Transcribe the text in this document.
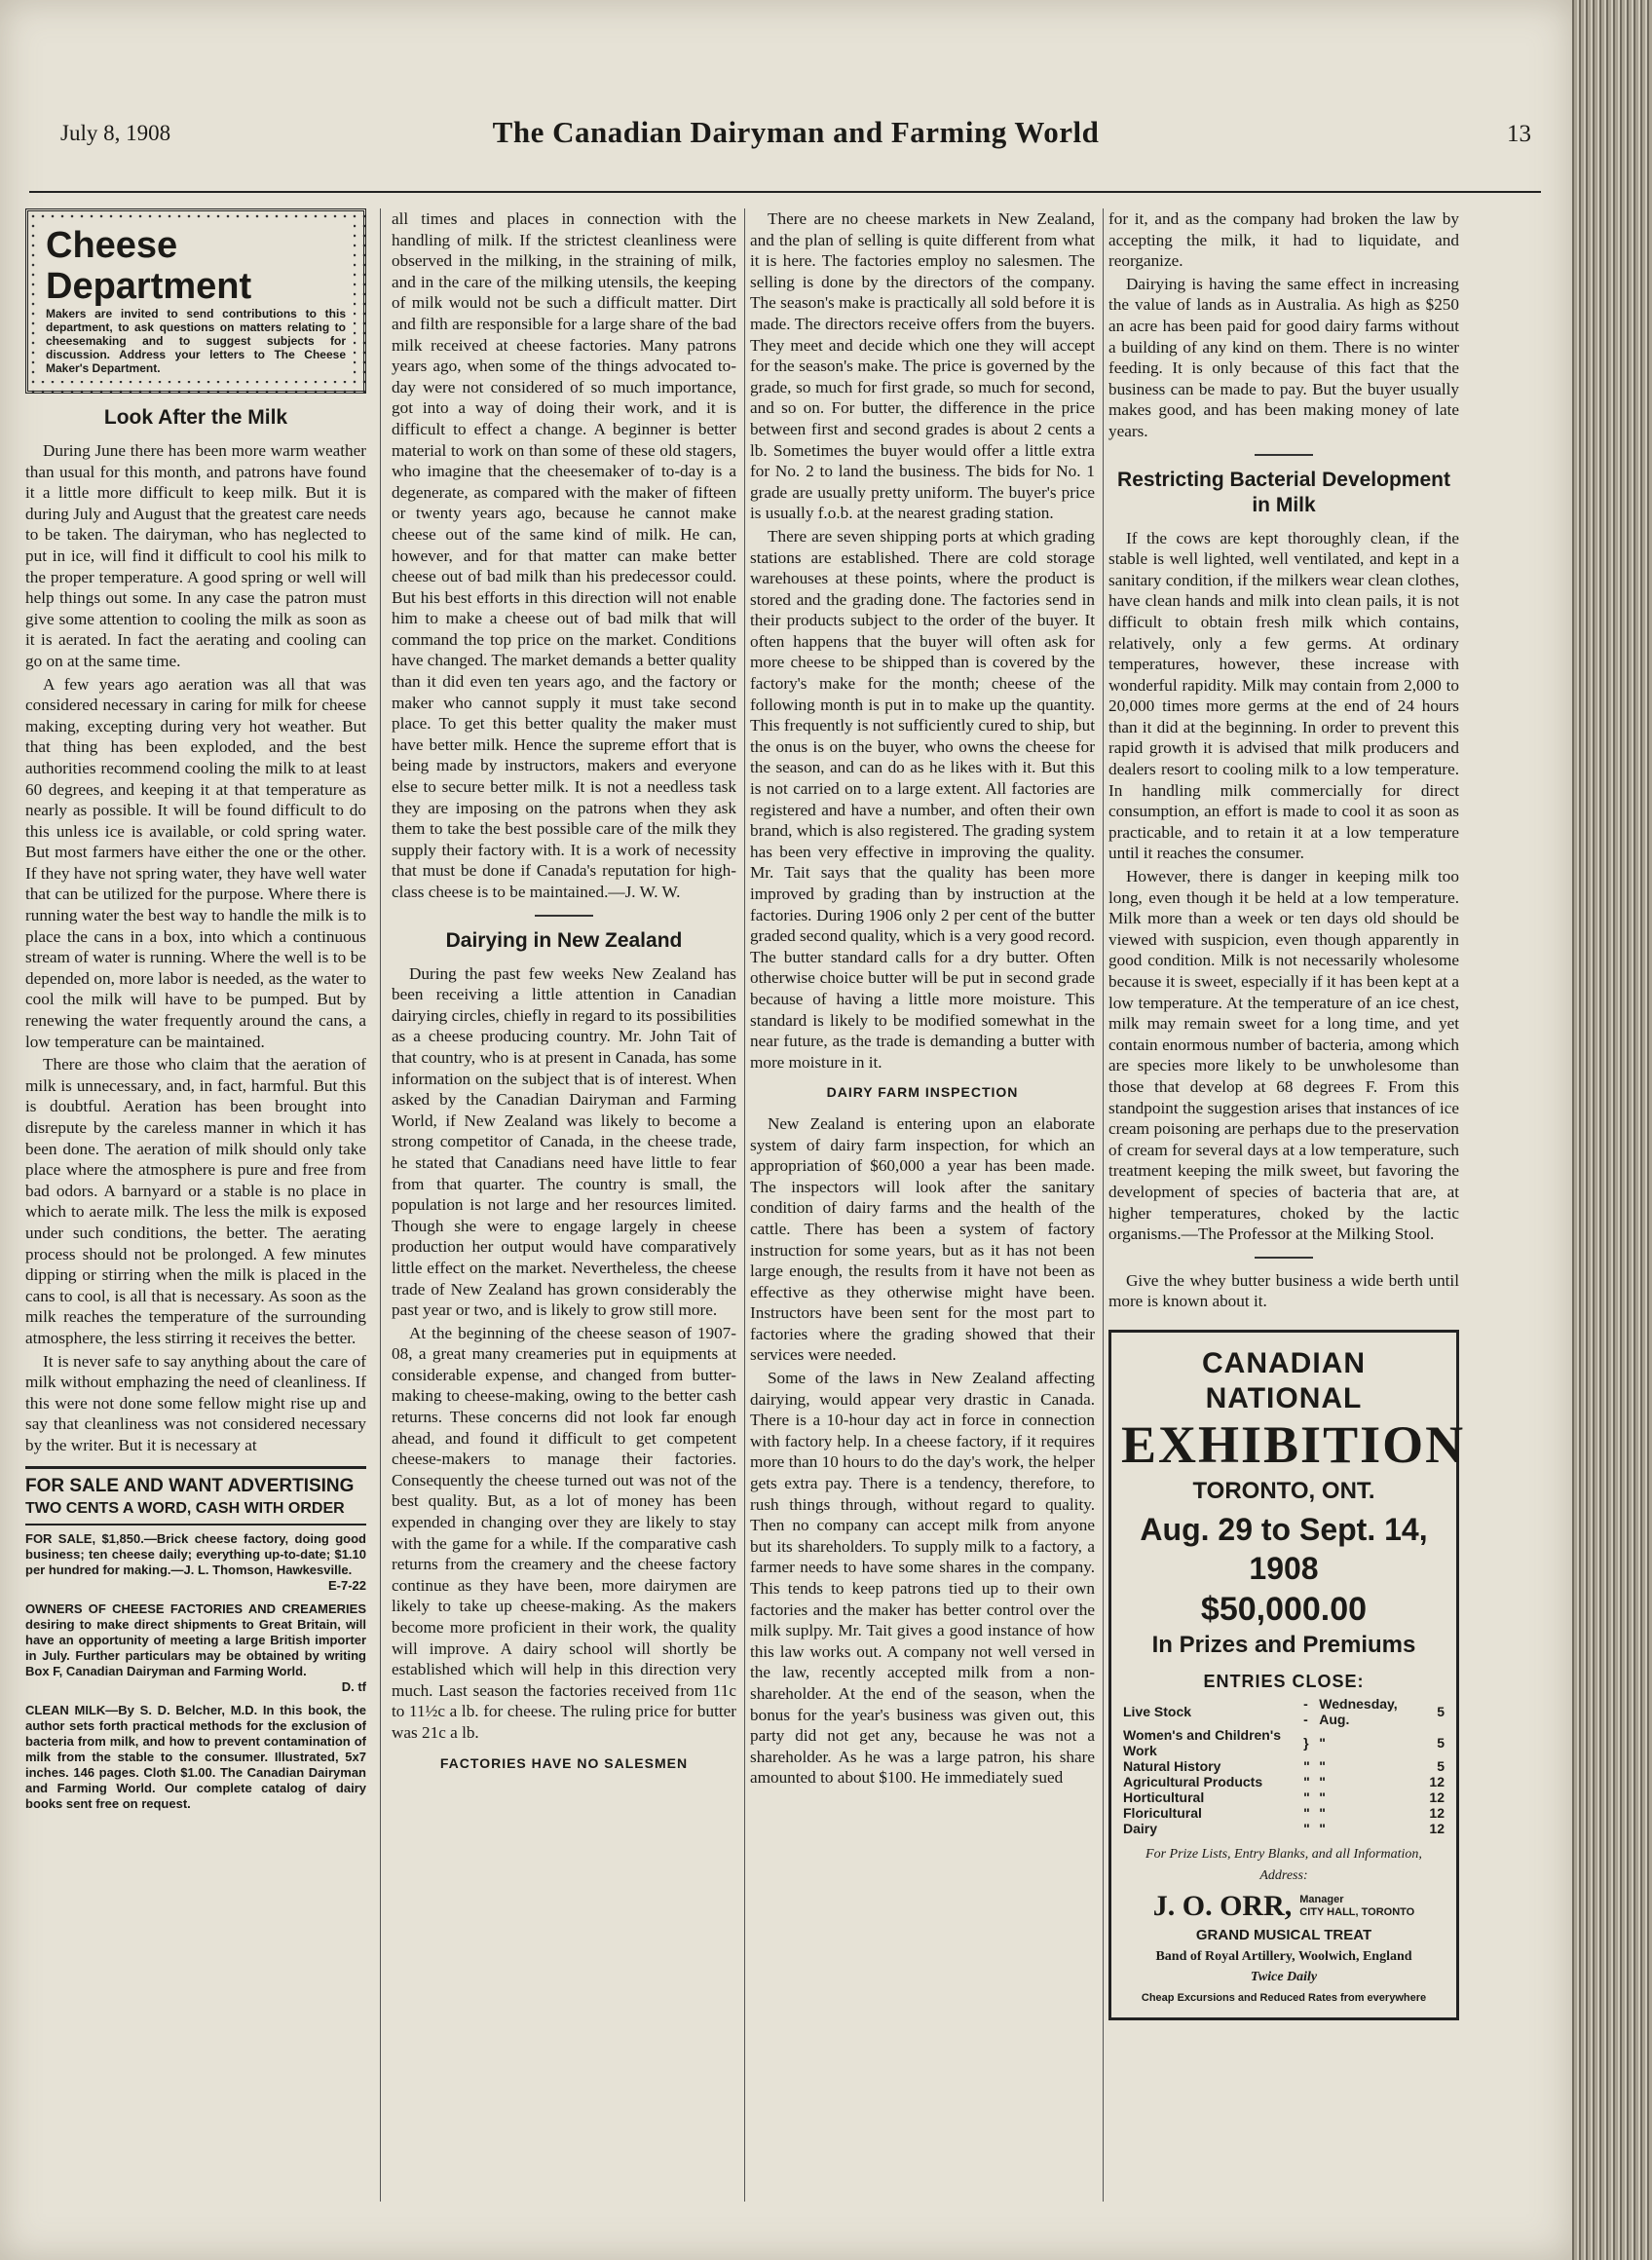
July 8, 1908	The Canadian Dairyman and Farming World	13
Cheese Department
Makers are invited to send contributions to this department, to ask questions on matters relating to cheesemaking and to suggest subjects for discussion. Address your letters to The Cheese Maker's Department.
Look After the Milk

During June there has been more warm weather than usual for this month, and patrons have found it a little more difficult to keep milk. But it is during July and August that the greatest care needs to be taken. The dairyman, who has neglected to put in ice, will find it difficult to cool his milk to the proper temperature. A good spring or well will help things out some. In any case the patron must give some attention to cooling the milk as soon as it is aerated. In fact the aerating and cooling can go on at the same time.

A few years ago aeration was all that was considered necessary in caring for milk for cheese making, excepting during very hot weather. But that thing has been exploded, and the best authorities recommend cooling the milk to at least 60 degrees, and keeping it at that temperature as nearly as possible. It will be found difficult to do this unless ice is available, or cold spring water. But most farmers have either the one or the other. If they have not spring water, they have well water that can be utilized for the purpose. Where there is running water the best way to handle the milk is to place the cans in a box, into which a continuous stream of water is running. Where the well is to be depended on, more labor is needed, as the water to cool the milk will have to be pumped. But by renewing the water frequently around the cans, a low temperature can be maintained.

There are those who claim that the aeration of milk is unnecessary, and, in fact, harmful. But this is doubtful. Aeration has been brought into disrepute by the careless manner in which it has been done. The aeration of milk should only take place where the atmosphere is pure and free from bad odors. A barnyard or a stable is no place in which to aerate milk. The less the milk is exposed under such conditions, the better. The aerating process should not be prolonged. A few minutes dipping or stirring when the milk is placed in the cans to cool, is all that is necessary. As soon as the milk reaches the temperature of the surrounding atmosphere, the less stirring it receives the better.

It is never safe to say anything about the care of milk without emphazing the need of cleanliness. If this were not done some fellow might rise up and say that cleanliness was not considered necessary by the writer. But it is necessary at

FOR SALE AND WANT ADVERTISING
TWO CENTS A WORD, CASH WITH ORDER
FOR SALE, $1,850.—Brick cheese factory, doing good business; ten cheese daily; everything up-to-date; $1.10 per hundred for making.—J. L. Thomson, Hawkesville.
E-7-22
OWNERS OF CHEESE FACTORIES AND CREAMERIES desiring to make direct shipments to Great Britain, will have an opportunity of meeting a large British importer in July. Further particulars may be obtained by writing Box F, Canadian Dairyman and Farming World.
D. tf
CLEAN MILK—By S. D. Belcher, M.D. In this book, the author sets forth practical methods for the exclusion of bacteria from milk, and how to prevent contamination of milk from the stable to the consumer. Illustrated, 5x7 inches. 146 pages. Cloth $1.00. The Canadian Dairyman and Farming World. Our complete catalog of dairy books sent free on request.

all times and places in connection with the handling of milk. If the strictest cleanliness were observed in the milking, in the straining of milk, and in the care of the milking utensils, the keeping of milk would not be such a difficult matter. Dirt and filth are responsible for a large share of the bad milk received at cheese factories. Many patrons years ago, when some of the things advocated to-day were not considered of so much importance, got into a way of doing their work, and it is difficult to effect a change. A beginner is better material to work on than some of these old stagers, who imagine that the cheesemaker of to-day is a degenerate, as compared with the maker of fifteen or twenty years ago, because he cannot make cheese out of the same kind of milk. He can, however, and for that matter can make better cheese out of bad milk than his predecessor could. But his best efforts in this direction will not enable him to make a cheese out of bad milk that will command the top price on the market. Conditions have changed. The market demands a better quality than it did even ten years ago, and the factory or maker who cannot supply it must take second place. To get this better quality the maker must have better milk. Hence the supreme effort that is being made by instructors, makers and everyone else to secure better milk. It is not a needless task they are imposing on the patrons when they ask them to take the best possible care of the milk they supply their factory with. It is a work of necessity that must be done if Canada's reputation for high-class cheese is to be maintained.—J. W. W.

Dairying in New Zealand

During the past few weeks New Zealand has been receiving a little attention in Canadian dairying circles, chiefly in regard to its possibilities as a cheese producing country. Mr. John Tait of that country, who is at present in Canada, has some information on the subject that is of interest. When asked by the Canadian Dairyman and Farming World, if New Zealand was likely to become a strong competitor of Canada, in the cheese trade, he stated that Canadians need have little to fear from that quarter. The country is small, the population is not large and her resources limited. Though she were to engage largely in cheese production her output would have comparatively little effect on the market. Nevertheless, the cheese trade of New Zealand has grown considerably the past year or two, and is likely to grow still more.

At the beginning of the cheese season of 1907-08, a great many creameries put in equipments at considerable expense, and changed from butter-making to cheese-making, owing to the better cash returns. These concerns did not look far enough ahead, and found it difficult to get competent cheese-makers to manage their factories. Consequently the cheese turned out was not of the best quality. But, as a lot of money has been expended in changing over they are likely to stay with the game for a while. If the comparative cash returns from the creamery and the cheese factory continue as they have been, more dairymen are likely to take up cheese-making. As the makers become more proficient in their work, the quality will improve. A dairy school will shortly be established which will help in this direction very much. Last season the factories received from 11c to 11½c a lb. for cheese. The ruling price for butter was 21c a lb.

FACTORIES HAVE NO SALESMEN

There are no cheese markets in New Zealand, and the plan of selling is quite different from what it is here. The factories employ no salesmen. The selling is done by the directors of the company. The season's make is practically all sold before it is made. The directors receive offers from the buyers. They meet and decide which one they will accept for the season's make. The price is governed by the grade, so much for first grade, so much for second, and so on. For butter, the difference in the price between first and second grades is about 2 cents a lb. Sometimes the buyer would offer a little extra for No. 2 to land the business. The bids for No. 1 grade are usually pretty uniform. The buyer's price is usually f.o.b. at the nearest grading station.

There are seven shipping ports at which grading stations are established. There are cold storage warehouses at these points, where the product is stored and the grading done. The factories send in their products subject to the order of the buyer. It often happens that the buyer will often ask for more cheese to be shipped than is covered by the factory's make for the month; cheese of the following month is put in to make up the quantity. This frequently is not sufficiently cured to ship, but the onus is on the buyer, who owns the cheese for the season, and can do as he likes with it. But this is not carried on to a large extent. All factories are registered and have a number, and often their own brand, which is also registered. The grading system has been very effective in improving the quality. Mr. Tait says that the quality has been more improved by grading than by instruction at the factories. During 1906 only 2 per cent of the butter graded second quality, which is a very good record. The butter standard calls for a dry butter. Often otherwise choice butter will be put in second grade because of having a little more moisture. This standard is likely to be modified somewhat in the near future, as the trade is demanding a butter with more moisture in it.

DAIRY FARM INSPECTION

New Zealand is entering upon an elaborate system of dairy farm inspection, for which an appropriation of $60,000 a year has been made. The inspectors will look after the sanitary condition of dairy farms and the health of the cattle. There has been a system of factory instruction for some years, but as it has not been large enough, the results from it have not been as effective as they otherwise might have been. Instructors have been sent for the most part to factories where the grading showed that their services were needed.

Some of the laws in New Zealand affecting dairying, would appear very drastic in Canada. There is a 10-hour day act in force in connection with factory help. In a cheese factory, if it requires more than 10 hours to do the day's work, the helper gets extra pay. There is a tendency, therefore, to rush things through, without regard to quality. Then no company can accept milk from anyone but its shareholders. To supply milk to a factory, a farmer needs to have some shares in the company. This tends to keep patrons tied up to their own factories and the maker has better control over the milk suplpy. Mr. Tait gives a good instance of how this law works out. A company not well versed in the law, recently accepted milk from a non-shareholder. At the end of the season, when the bonus for the year's business was given out, this party did not get any, because he was not a shareholder. As he was a large patron, his share amounted to about $100. He immediately sued

for it, and as the company had broken the law by accepting the milk, it had to liquidate, and reorganize.

Dairying is having the same effect in increasing the value of lands as in Australia. As high as $250 an acre has been paid for good dairy farms without a building of any kind on them. There is no winter feeding. It is only because of this fact that the business can be made to pay. But the buyer usually makes good, and has been making money of late years.

Restricting Bacterial Development in Milk

If the cows are kept thoroughly clean, if the stable is well lighted, well ventilated, and kept in a sanitary condition, if the milkers wear clean clothes, have clean hands and milk into clean pails, it is not difficult to obtain fresh milk which contains, relatively, only a few germs. At ordinary temperatures, however, these increase with wonderful rapidity. Milk may contain from 2,000 to 20,000 times more germs at the end of 24 hours than it did at the beginning. In order to prevent this rapid growth it is advised that milk producers and dealers resort to cooling milk to a low temperature. In handling milk commercially for direct consumption, an effort is made to cool it as soon as practicable, and to retain it at a low temperature until it reaches the consumer.

However, there is danger in keeping milk too long, even though it be held at a low temperature. Milk more than a week or ten days old should be viewed with suspicion, even though apparently in good condition. Milk is not necessarily wholesome because it is sweet, especially if it has been kept at a low temperature. At the temperature of an ice chest, milk may remain sweet for a long time, and yet contain enormous number of bacteria, among which are species more likely to be unwholesome than those that develop at 68 degrees F. From this standpoint the suggestion arises that instances of ice cream poisoning are perhaps due to the preservation of cream for several days at a low temperature, such treatment keeping the milk sweet, but favoring the development of species of bacteria that are, at higher temperatures, choked by the lactic organisms.—The Professor at the Milking Stool.

Give the whey butter business a wide berth until more is known about it.

CANADIAN NATIONAL
EXHIBITION
TORONTO, ONT.
Aug. 29 to Sept. 14, 1908
$50,000.00
In Prizes and Premiums
ENTRIES CLOSE:
Live Stock	- -	Wednesday, Aug.	5
Women's and Children's Work	}	"	5
Natural History	"	"	5
Agricultural Products	"	"	12
Horticultural	"	"	12
Floricultural	"	"	12
Dairy	"	"	12
For Prize Lists, Entry Blanks, and all Information, Address:
J. O. ORR, Manager
CITY HALL, TORONTO
GRAND MUSICAL TREAT
Band of Royal Artillery, Woolwich, England
Twice Daily
Cheap Excursions and Reduced Rates from everywhere
